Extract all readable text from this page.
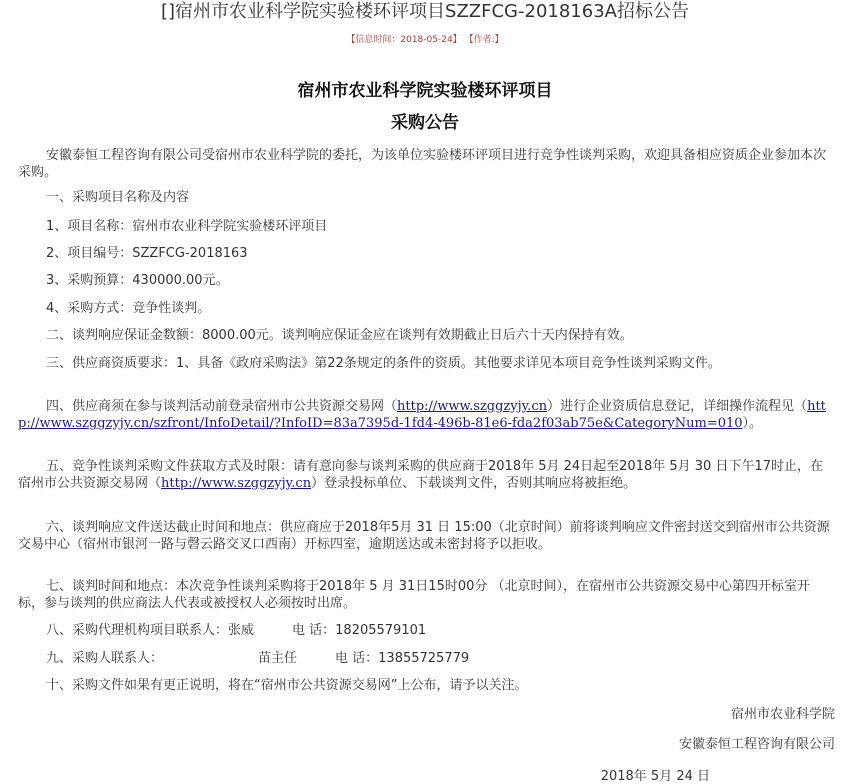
[]宿州市农业科学院实验楼环评项目SZZFCG-2018163A招标公告
【信息时间：2018-05-24】 【作者:】
宿州市农业科学院实验楼环评项目
采购公告
安徽泰恒工程咨询有限公司受宿州市农业科学院的委托，为该单位实验楼环评项目进行竞争性谈判采购，欢迎具备相应资质企业参加本次采购。
一、采购项目名称及内容
1、项目名称：宿州市农业科学院实验楼环评项目
2、项目编号：SZZFCG-2018163
3、采购预算：430000.00元。
4、采购方式：竞争性谈判。
二、谈判响应保证金数额：8000.00元。谈判响应保证金应在谈判有效期截止日后六十天内保持有效。
三、供应商资质要求：1、具备《政府采购法》第22条规定的条件的资质。其他要求详见本项目竞争性谈判采购文件。
四、供应商须在参与谈判活动前登录宿州市公共资源交易网（http://www.szggzyjy.cn）进行企业资质信息登记，详细操作流程见（http://www.szggzyjy.cn/szfront/InfoDetail/?InfoID=83a7395d-1fd4-496b-81e6-fda2f03ab75e&CategoryNum=010）。
五、竞争性谈判采购文件获取方式及时限：请有意向参与谈判采购的供应商于2018年 5月 24日起至2018年 5月 30 日下午17时止，在宿州市公共资源交易网（http://www.szggzyjy.cn）登录投标单位、下载谈判文件，否则其响应将被拒绝。
六、谈判响应文件送达截止时间和地点：供应商应于2018年5月 31 日 15:00（北京时间）前将谈判响应文件密封送交到宿州市公共资源交易中心（宿州市银河一路与磬云路交叉口西南）开标四室，逾期送达或未密封将予以拒收。
七、谈判时间和地点：本次竞争性谈判采购将于2018年 5 月 31日15时00分 （北京时间），在宿州市公共资源交易中心第四开标室开标，参与谈判的供应商法人代表或被授权人必须按时出席。
八、采购代理机构项目联系人：张威	电 话：18205579101
九、采购人联系人：	苗主任	电 话：13855725779
十、采购文件如果有更正说明，将在“宿州市公共资源交易网”上公布，请予以关注。
宿州市农业科学院
安徽泰恒工程咨询有限公司
2018年 5月 24 日
